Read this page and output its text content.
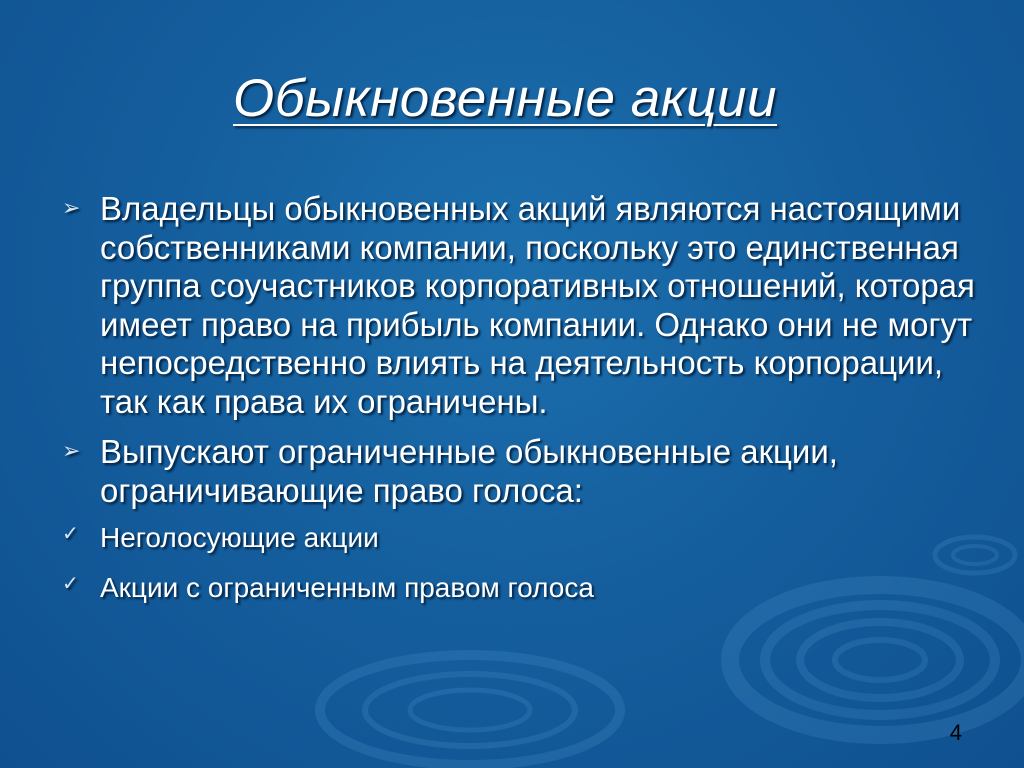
Обыкновенные акции
➢ Владельцы обыкновенных акций являются настоящими собственниками компании, поскольку это единственная группа соучастников корпоративных отношений, которая имеет право на прибыль компании. Однако они не могут непосредственно влиять на деятельность корпорации, так как права их ограничены.
➢ Выпускают ограниченные обыкновенные акции, ограничивающие право голоса:
✓ Неголосующие акции
✓ Акции с ограниченным правом голоса
4
